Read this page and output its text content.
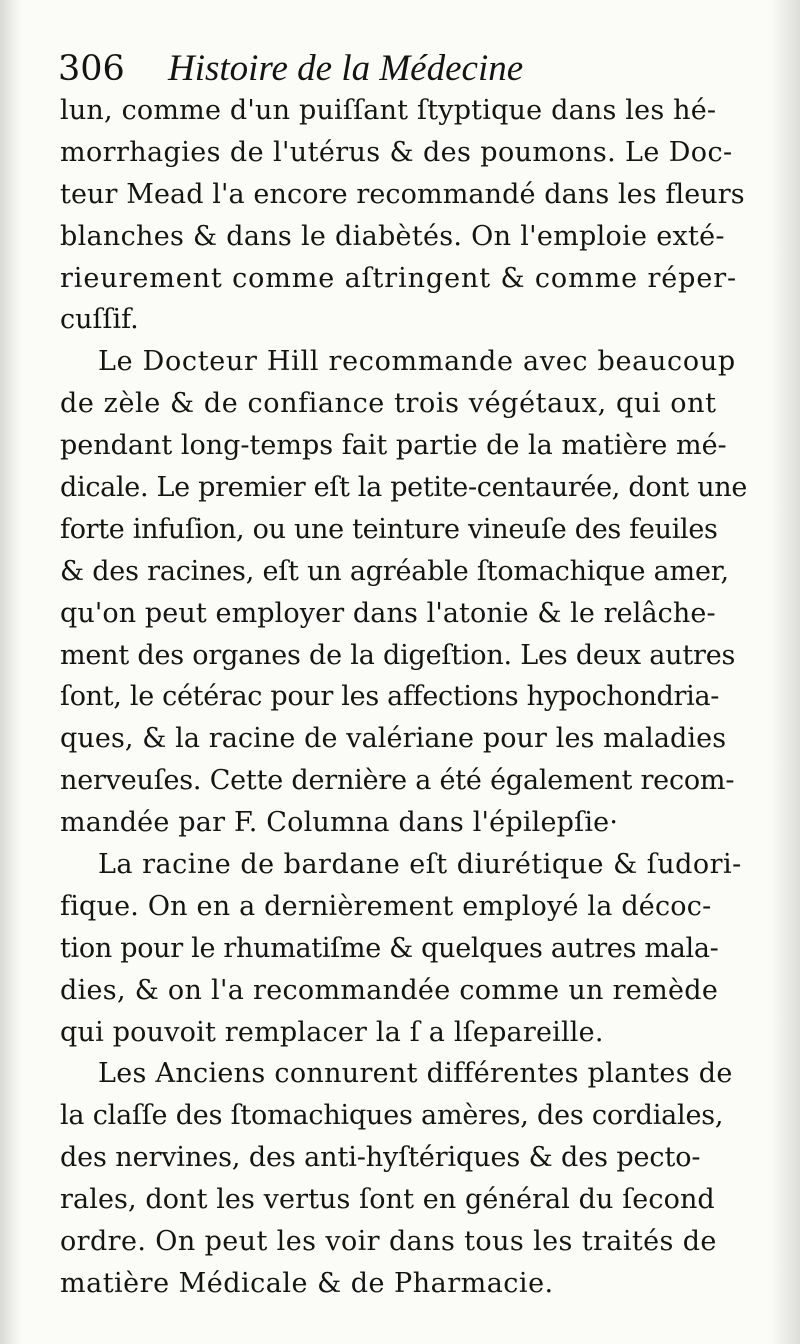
306 Histoire de la Médecine
lun, comme d'un puiſſant ſtyptique dans les hé-
morrhagies de l'utérus & des poumons. Le Doc-
teur Mead l'a encore recommandé dans les fleurs
blanches & dans le diabètés. On l'emploie exté-
rieurement comme aſtringent & comme réper-
cuſſif.
Le Docteur Hill recommande avec beaucoup
de zèle & de confiance trois végétaux, qui ont
pendant long-temps fait partie de la matière mé-
dicale. Le premier eſt la petite-centaurée, dont une
forte infuſion, ou une teinture vineuſe des feuiles
& des racines, eſt un agréable ſtomachique amer,
qu'on peut employer dans l'atonie & le relâche-
ment des organes de la digeſtion. Les deux autres
ſont, le cétérac pour les affections hypochondria-
ques, & la racine de valériane pour les maladies
nerveuſes. Cette dernière a été également recom-
mandée par F. Columna dans l'épilepſie·
La racine de bardane eſt diurétique & ſudori-
fique. On en a dernièrement employé la décoc-
tion pour le rhumatiſme & quelques autres mala-
dies, & on l'a recommandée comme un remède
qui pouvoit remplacer la ſ a lſepareille.
Les Anciens connurent différentes plantes de
la claſſe des ſtomachiques amères, des cordiales,
des nervines, des anti-hyſtériques & des pecto-
rales, dont les vertus ſont en général du ſecond
ordre. On peut les voir dans tous les traités de
matière Médicale & de Pharmacie.
